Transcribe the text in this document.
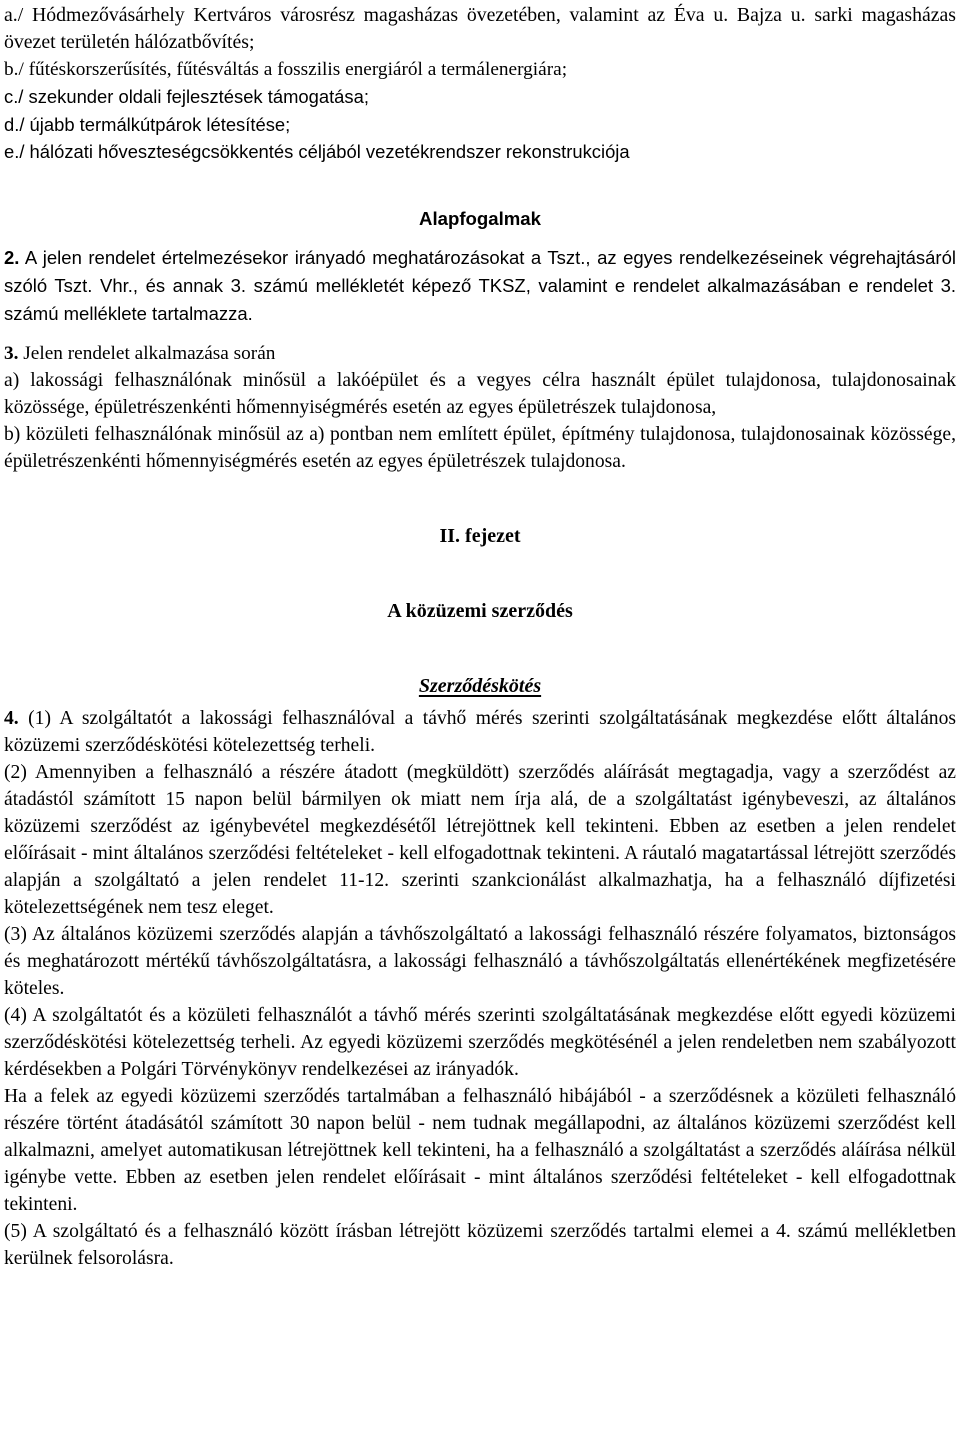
a./ Hódmezővásárhely Kertváros városrész magasházas övezetében, valamint az Éva u. Bajza u. sarki magasházas övezet területén hálózatbővítés;

b./ fűtéskorszerűsítés, fűtésváltás a fosszilis energiáról a termálenergiára;

c./ szekunder oldali fejlesztések támogatása;

d./ újabb termálkútpárok létesítése;

e./ hálózati hőveszteségcsökkentés céljából vezetékrendszer rekonstrukciója

Alapfogalmak

2. A jelen rendelet értelmezésekor irányadó meghatározásokat a Tszt., az egyes rendelkezéseinek végrehajtásáról szóló Tszt. Vhr., és annak 3. számú mellékletét képező TKSZ, valamint e rendelet alkalmazásában e rendelet 3. számú melléklete tartalmazza.

3. Jelen rendelet alkalmazása során

a) lakossági felhasználónak minősül a lakóépület és a vegyes célra használt épület tulajdonosa, tulajdonosainak közössége, épületrészenkénti hőmennyiségmérés esetén az egyes épületrészek tulajdonosa,

b) közületi felhasználónak minősül az a) pontban nem említett épület, építmény tulajdonosa, tulajdonosainak közössége, épületrészenkénti hőmennyiségmérés esetén az egyes épületrészek tulajdonosa.

II. fejezet

A közüzemi szerződés

Szerződéskötés

4. (1) A szolgáltatót a lakossági felhasználóval a távhő mérés szerinti szolgáltatásának megkezdése előtt általános közüzemi szerződéskötési kötelezettség terheli.

(2) Amennyiben a felhasználó a részére átadott (megküldött) szerződés aláírását megtagadja, vagy a szerződést az átadástól számított 15 napon belül bármilyen ok miatt nem írja alá, de a szolgáltatást igénybeveszi, az általános közüzemi szerződést az igénybevétel megkezdésétől létrejöttnek kell tekinteni. Ebben az esetben a jelen rendelet előírásait - mint általános szerződési feltételeket - kell elfogadottnak tekinteni. A ráutaló magatartással létrejött szerződés alapján a szolgáltató a jelen rendelet 11-12. szerinti szankcionálást alkalmazhatja, ha a felhasználó díjfizetési kötelezettségének nem tesz eleget.

(3) Az általános közüzemi szerződés alapján a távhőszolgáltató a lakossági felhasználó részére folyamatos, biztonságos és meghatározott mértékű távhőszolgáltatásra, a lakossági felhasználó a távhőszolgáltatás ellenértékének megfizetésére köteles.

(4) A szolgáltatót és a közületi felhasználót a távhő mérés szerinti szolgáltatásának megkezdése előtt egyedi közüzemi szerződéskötési kötelezettség terheli. Az egyedi közüzemi szerződés megkötésénél a jelen rendeletben nem szabályozott kérdésekben a Polgári Törvénykönyv rendelkezései az irányadók.

Ha a felek az egyedi közüzemi szerződés tartalmában a felhasználó hibájából - a szerződésnek a közületi felhasználó részére történt átadásától számított 30 napon belül - nem tudnak megállapodni, az általános közüzemi szerződést kell alkalmazni, amelyet automatikusan létrejöttnek kell tekinteni, ha a felhasználó a szolgáltatást a szerződés aláírása nélkül igénybe vette. Ebben az esetben jelen rendelet előírásait - mint általános szerződési feltételeket - kell elfogadottnak tekinteni.

(5) A szolgáltató és a felhasználó között írásban létrejött közüzemi szerződés tartalmi elemei a 4. számú mellékletben kerülnek felsorolásra.
